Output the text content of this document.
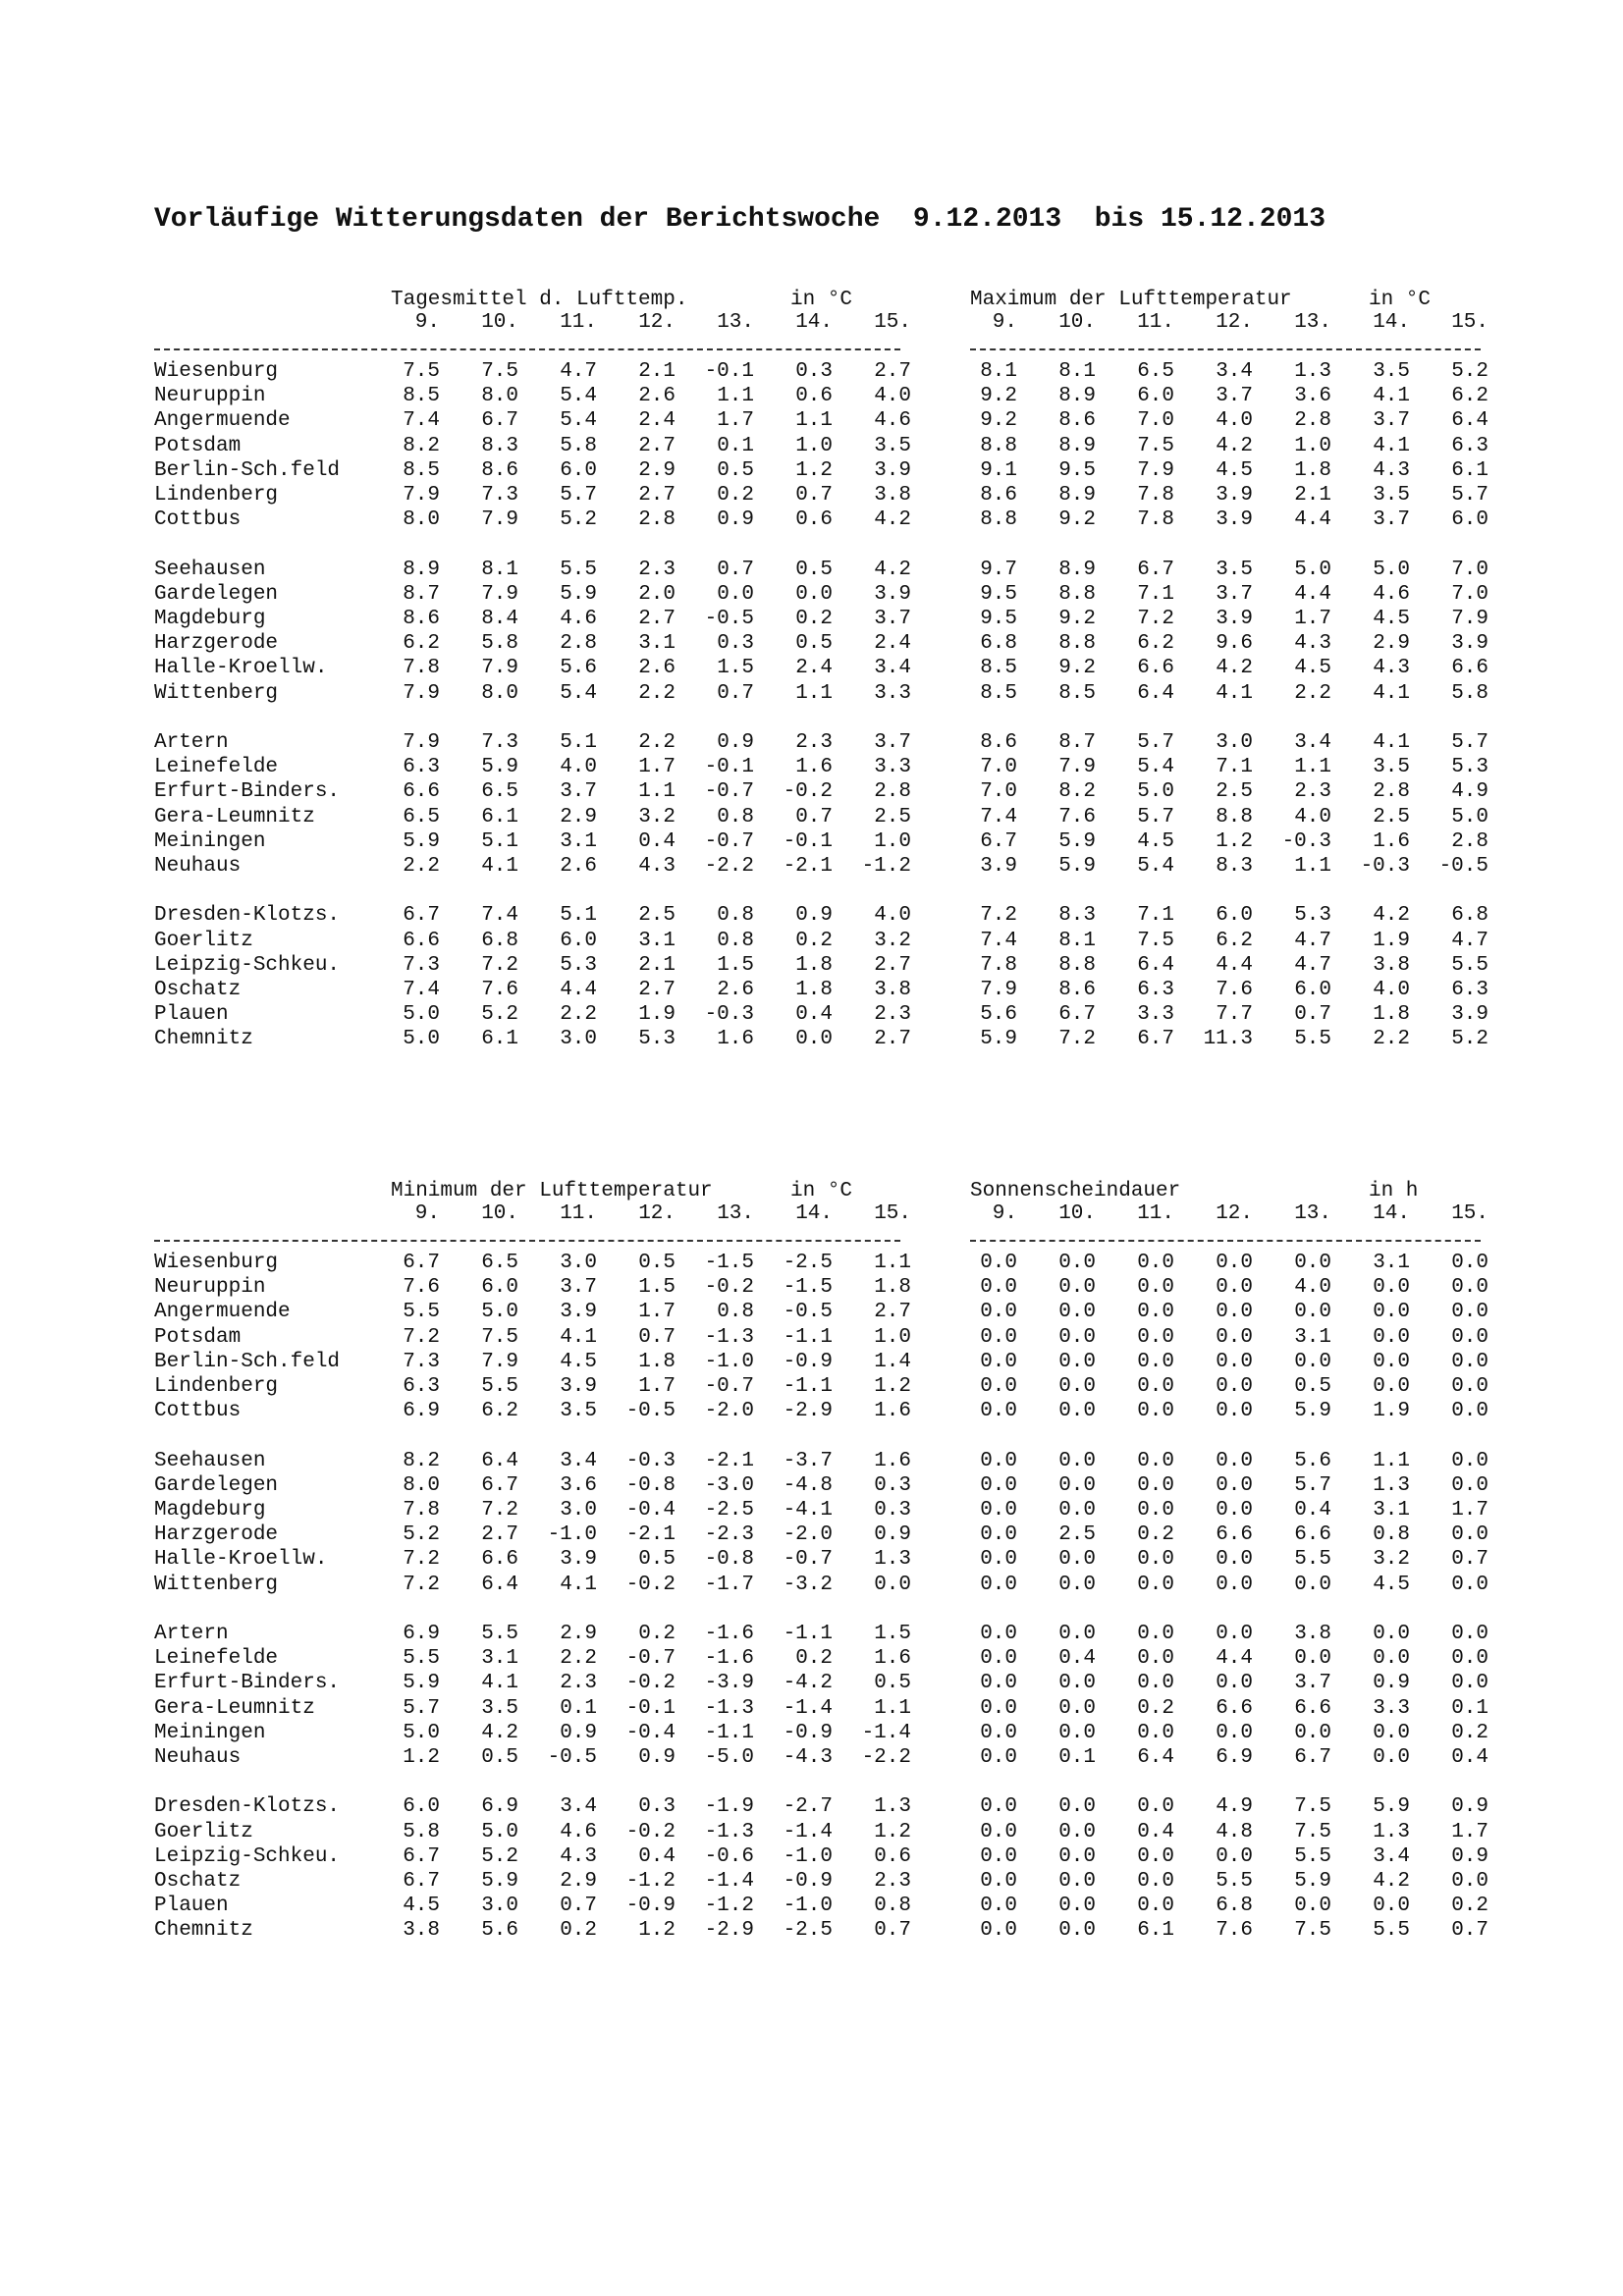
Vorläufige Witterungsdaten der Berichtswoche  9.12.2013  bis 15.12.2013
Tagesmittel d. Lufttemp.	in °C
9.	10.	11.	12.	13.	14.	15.
Maximum der Lufttemperatur	in °C
9.	10.	11.	12.	13.	14.	15.
Wiesenburg	7.5	7.5	4.7	2.1	-0.1	0.3	2.7	8.1	8.1	6.5	3.4	1.3	3.5	5.2
Neuruppin	8.5	8.0	5.4	2.6	1.1	0.6	4.0	9.2	8.9	6.0	3.7	3.6	4.1	6.2
Angermuende	7.4	6.7	5.4	2.4	1.7	1.1	4.6	9.2	8.6	7.0	4.0	2.8	3.7	6.4
Potsdam	8.2	8.3	5.8	2.7	0.1	1.0	3.5	8.8	8.9	7.5	4.2	1.0	4.1	6.3
Berlin-Sch.feld	8.5	8.6	6.0	2.9	0.5	1.2	3.9	9.1	9.5	7.9	4.5	1.8	4.3	6.1
Lindenberg	7.9	7.3	5.7	2.7	0.2	0.7	3.8	8.6	8.9	7.8	3.9	2.1	3.5	5.7
Cottbus	8.0	7.9	5.2	2.8	0.9	0.6	4.2	8.8	9.2	7.8	3.9	4.4	3.7	6.0
Seehausen	8.9	8.1	5.5	2.3	0.7	0.5	4.2	9.7	8.9	6.7	3.5	5.0	5.0	7.0
Gardelegen	8.7	7.9	5.9	2.0	0.0	0.0	3.9	9.5	8.8	7.1	3.7	4.4	4.6	7.0
Magdeburg	8.6	8.4	4.6	2.7	-0.5	0.2	3.7	9.5	9.2	7.2	3.9	1.7	4.5	7.9
Harzgerode	6.2	5.8	2.8	3.1	0.3	0.5	2.4	6.8	8.8	6.2	9.6	4.3	2.9	3.9
Halle-Kroellw.	7.8	7.9	5.6	2.6	1.5	2.4	3.4	8.5	9.2	6.6	4.2	4.5	4.3	6.6
Wittenberg	7.9	8.0	5.4	2.2	0.7	1.1	3.3	8.5	8.5	6.4	4.1	2.2	4.1	5.8
Artern	7.9	7.3	5.1	2.2	0.9	2.3	3.7	8.6	8.7	5.7	3.0	3.4	4.1	5.7
Leinefelde	6.3	5.9	4.0	1.7	-0.1	1.6	3.3	7.0	7.9	5.4	7.1	1.1	3.5	5.3
Erfurt-Binders.	6.6	6.5	3.7	1.1	-0.7	-0.2	2.8	7.0	8.2	5.0	2.5	2.3	2.8	4.9
Gera-Leumnitz	6.5	6.1	2.9	3.2	0.8	0.7	2.5	7.4	7.6	5.7	8.8	4.0	2.5	5.0
Meiningen	5.9	5.1	3.1	0.4	-0.7	-0.1	1.0	6.7	5.9	4.5	1.2	-0.3	1.6	2.8
Neuhaus	2.2	4.1	2.6	4.3	-2.2	-2.1	-1.2	3.9	5.9	5.4	8.3	1.1	-0.3	-0.5
Dresden-Klotzs.	6.7	7.4	5.1	2.5	0.8	0.9	4.0	7.2	8.3	7.1	6.0	5.3	4.2	6.8
Goerlitz	6.6	6.8	6.0	3.1	0.8	0.2	3.2	7.4	8.1	7.5	6.2	4.7	1.9	4.7
Leipzig-Schkeu.	7.3	7.2	5.3	2.1	1.5	1.8	2.7	7.8	8.8	6.4	4.4	4.7	3.8	5.5
Oschatz	7.4	7.6	4.4	2.7	2.6	1.8	3.8	7.9	8.6	6.3	7.6	6.0	4.0	6.3
Plauen	5.0	5.2	2.2	1.9	-0.3	0.4	2.3	5.6	6.7	3.3	7.7	0.7	1.8	3.9
Chemnitz	5.0	6.1	3.0	5.3	1.6	0.0	2.7	5.9	7.2	6.7	11.3	5.5	2.2	5.2
Minimum der Lufttemperatur	in °C
9.	10.	11.	12.	13.	14.	15.
Sonnenscheindauer	in h
9.	10.	11.	12.	13.	14.	15.
Wiesenburg	6.7	6.5	3.0	0.5	-1.5	-2.5	1.1	0.0	0.0	0.0	0.0	0.0	3.1	0.0
Neuruppin	7.6	6.0	3.7	1.5	-0.2	-1.5	1.8	0.0	0.0	0.0	0.0	4.0	0.0	0.0
Angermuende	5.5	5.0	3.9	1.7	0.8	-0.5	2.7	0.0	0.0	0.0	0.0	0.0	0.0	0.0
Potsdam	7.2	7.5	4.1	0.7	-1.3	-1.1	1.0	0.0	0.0	0.0	0.0	3.1	0.0	0.0
Berlin-Sch.feld	7.3	7.9	4.5	1.8	-1.0	-0.9	1.4	0.0	0.0	0.0	0.0	0.0	0.0	0.0
Lindenberg	6.3	5.5	3.9	1.7	-0.7	-1.1	1.2	0.0	0.0	0.0	0.0	0.5	0.0	0.0
Cottbus	6.9	6.2	3.5	-0.5	-2.0	-2.9	1.6	0.0	0.0	0.0	0.0	5.9	1.9	0.0
Seehausen	8.2	6.4	3.4	-0.3	-2.1	-3.7	1.6	0.0	0.0	0.0	0.0	5.6	1.1	0.0
Gardelegen	8.0	6.7	3.6	-0.8	-3.0	-4.8	0.3	0.0	0.0	0.0	0.0	5.7	1.3	0.0
Magdeburg	7.8	7.2	3.0	-0.4	-2.5	-4.1	0.3	0.0	0.0	0.0	0.0	0.4	3.1	1.7
Harzgerode	5.2	2.7	-1.0	-2.1	-2.3	-2.0	0.9	0.0	2.5	0.2	6.6	6.6	0.8	0.0
Halle-Kroellw.	7.2	6.6	3.9	0.5	-0.8	-0.7	1.3	0.0	0.0	0.0	0.0	5.5	3.2	0.7
Wittenberg	7.2	6.4	4.1	-0.2	-1.7	-3.2	0.0	0.0	0.0	0.0	0.0	0.0	4.5	0.0
Artern	6.9	5.5	2.9	0.2	-1.6	-1.1	1.5	0.0	0.0	0.0	0.0	3.8	0.0	0.0
Leinefelde	5.5	3.1	2.2	-0.7	-1.6	0.2	1.6	0.0	0.4	0.0	4.4	0.0	0.0	0.0
Erfurt-Binders.	5.9	4.1	2.3	-0.2	-3.9	-4.2	0.5	0.0	0.0	0.0	0.0	3.7	0.9	0.0
Gera-Leumnitz	5.7	3.5	0.1	-0.1	-1.3	-1.4	1.1	0.0	0.0	0.2	6.6	6.6	3.3	0.1
Meiningen	5.0	4.2	0.9	-0.4	-1.1	-0.9	-1.4	0.0	0.0	0.0	0.0	0.0	0.0	0.2
Neuhaus	1.2	0.5	-0.5	0.9	-5.0	-4.3	-2.2	0.0	0.1	6.4	6.9	6.7	0.0	0.4
Dresden-Klotzs.	6.0	6.9	3.4	0.3	-1.9	-2.7	1.3	0.0	0.0	0.0	4.9	7.5	5.9	0.9
Goerlitz	5.8	5.0	4.6	-0.2	-1.3	-1.4	1.2	0.0	0.0	0.4	4.8	7.5	1.3	1.7
Leipzig-Schkeu.	6.7	5.2	4.3	0.4	-0.6	-1.0	0.6	0.0	0.0	0.0	0.0	5.5	3.4	0.9
Oschatz	6.7	5.9	2.9	-1.2	-1.4	-0.9	2.3	0.0	0.0	0.0	5.5	5.9	4.2	0.0
Plauen	4.5	3.0	0.7	-0.9	-1.2	-1.0	0.8	0.0	0.0	0.0	6.8	0.0	0.0	0.2
Chemnitz	3.8	5.6	0.2	1.2	-2.9	-2.5	0.7	0.0	0.0	6.1	7.6	7.5	5.5	0.7
